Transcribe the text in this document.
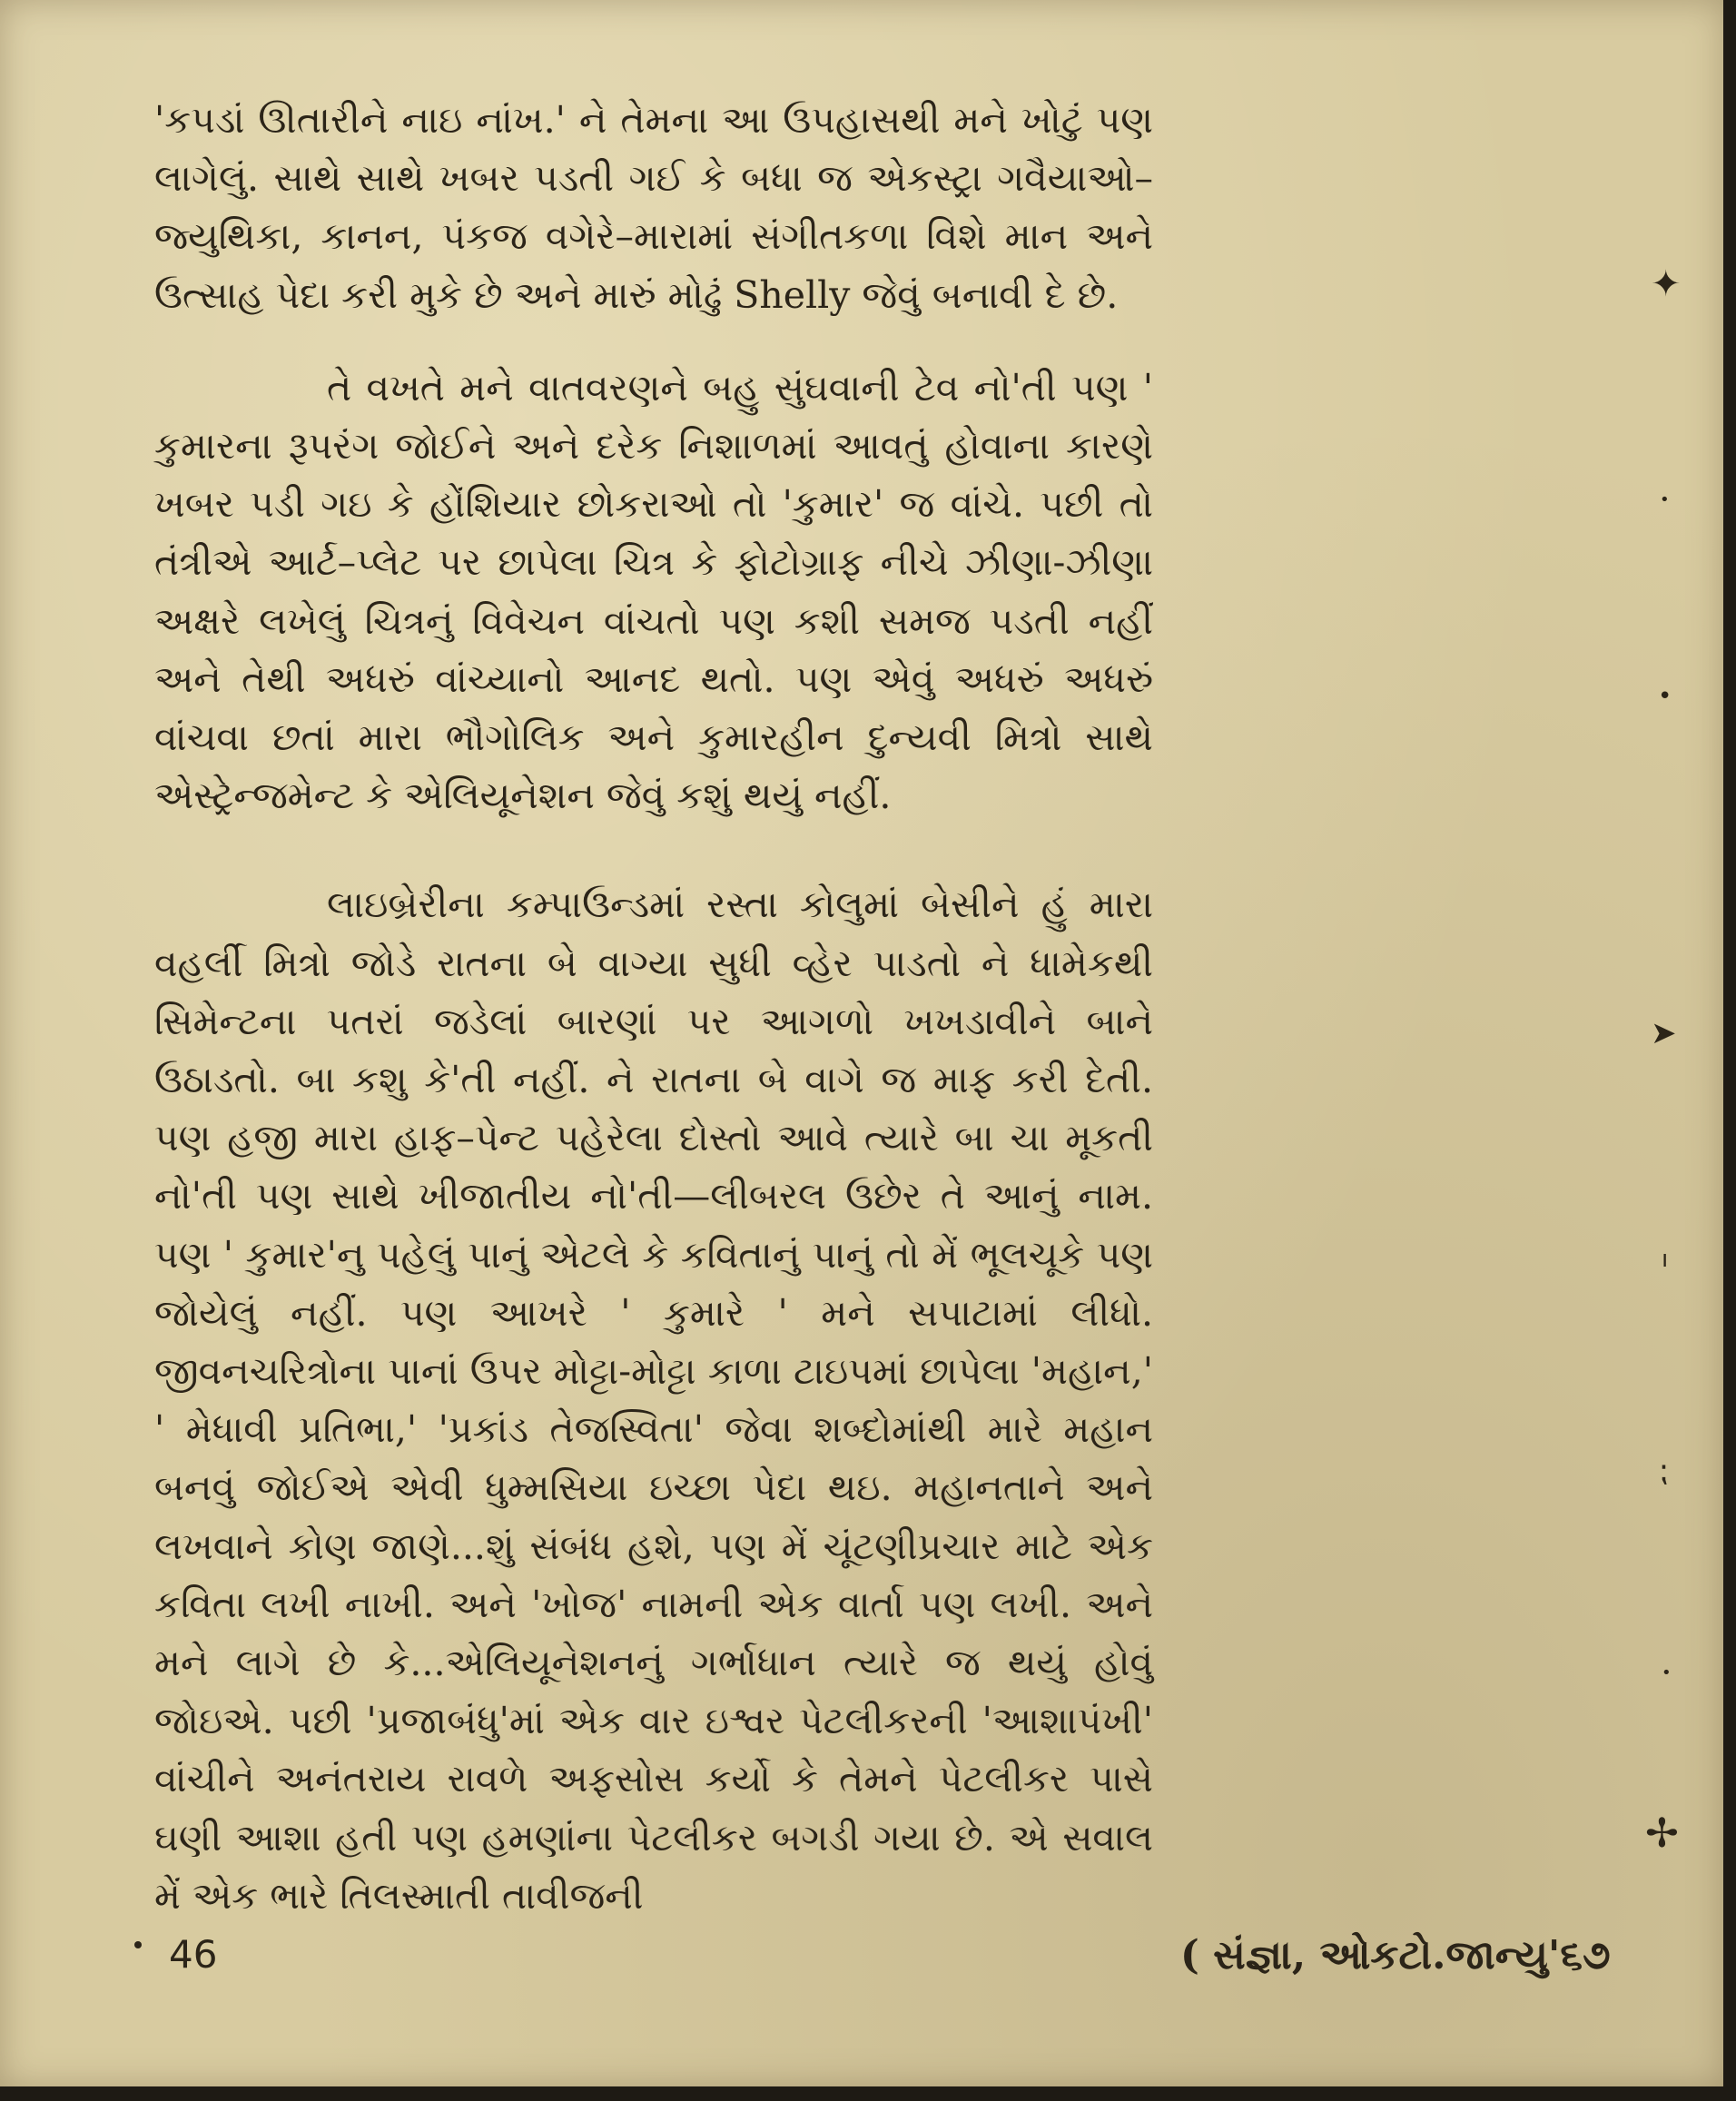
'કપડાં ઊતારીને નાઇ નાંખ.' ને તેમના આ ઉપહાસથી મને ખોટું પણ લાગેલું. સાથે સાથે ખબર પડતી ગઈ કે બધા જ એકસ્ટ્રા ગવૈયાઓ–જ્યુથિકા, કાનન, પંકજ વગેરે–મારામાં સંગીતકળા વિશે માન અને ઉત્સાહ પેદા કરી મુકે છે અને મારું મોઢું Shelly જેવું બનાવી દે છે.

તે વખતે મને વાતવરણને બહુ સુંઘવાની ટેવ નો'તી પણ ' કુમારના રૂપરંગ જોઈને અને દરેક નિશાળમાં આવતું હોવાના કારણે ખબર પડી ગઇ કે હોંશિયાર છોકરાઓ તો 'કુમાર' જ વાંચે. પછી તો તંત્રીએ આર્ટ–પ્લેટ પર છાપેલા ચિત્ર કે ફોટોગ્રાફ નીચે ઝીણા-ઝીણા અક્ષરે લખેલું ચિત્રનું વિવેચન વાંચતો પણ કશી સમજ પડતી નહીં અને તેથી અધરું વાંચ્યાનો આનદ થતો. પણ એવું અધરું અધરું વાંચવા છતાં મારા ભૌગોલિક અને કુમારહીન દુન્યવી મિત્રો સાથે એસ્ટ્રેન્જમેન્ટ કે એલિયૂનેશન જેવું કશું થયું નહીં.

લાઇબ્રેરીના કમ્પાઉન્ડમાં રસ્તા કોલુમાં બેસીને હું મારા વહર્લી મિત્રો જોડે રાતના બે વાગ્યા સુધી વ્હેર પાડતો ને ધામેકથી સિમેન્ટના પતરાં જડેલાં બારણાં પર આગળો ખખડાવીને બાને ઉઠાડતો. બા કશુ કે'તી નહીં. ને રાતના બે વાગે જ માફ કરી દેતી. પણ હજી મારા હાફ–પેન્ટ પહેરેલા દોસ્તો આવે ત્યારે બા ચા મૂકતી નો'તી પણ સાથે ખીજાતીય નો'તી—લીબરલ ઉછેર તે આનું નામ. પણ ' કુમાર'નુ પહેલું પાનું એટલે કે કવિતાનું પાનું તો મેં ભૂલચૂકે પણ જોયેલું નહીં. પણ આખરે ' કુમારે ' મને સપાટામાં લીધો. જીવનચરિત્રોના પાનાં ઉપર મોટ્ટા-મોટ્ટા કાળા ટાઇપમાં છાપેલા 'મહાન,' ' મેધાવી પ્રતિભા,' 'પ્રકાંડ તેજસ્વિતા' જેવા શબ્દોમાંથી મારે મહાન બનવું જોઈએ એવી ધુમ્મસિયા ઇચ્છા પેદા થઇ. મહાનતાને અને લખવાને કોણ જાણે...શું સંબંધ હશે, પણ મેં ચૂંટણીપ્રચાર માટે એક કવિતા લખી નાખી. અને 'ખોજ' નામની એક વાર્તા પણ લખી. અને મને લાગે છે કે...એલિયૂનેશનનું ગર્ભાધાન ત્યારે જ થયું હોવું જોઇએ. પછી 'પ્રજાબંધુ'માં એક વાર ઇશ્વર પેટલીકરની 'આશાપંખી' વાંચીને અનંતરાય રાવળે અફસોસ કર્યો કે તેમને પેટલીકર પાસે ઘણી આશા હતી પણ હમણાંના પેટલીકર બગડી ગયા છે. એ સવાલ મેં એક ભારે તિલસ્માતી તાવીજની

46	( સંજ્ઞા, ઓકટો.જાન્યુ'૬૭
✦
•
•
➤
ı
⁏
•
✢
